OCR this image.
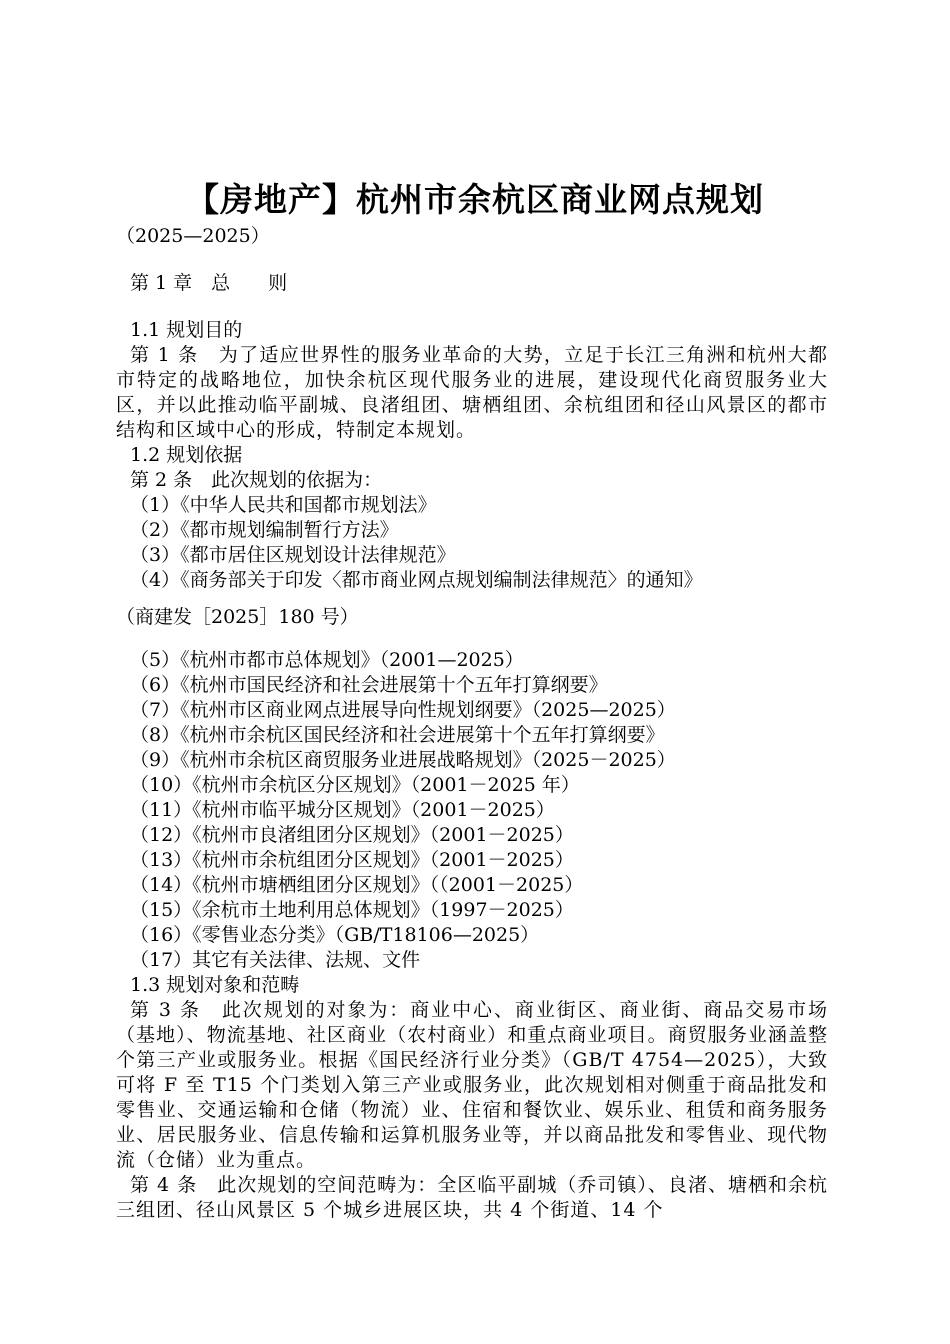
【房地产】杭州市余杭区商业网点规划
（2025—2025）
第 1 章　总　　则
1.1 规划目的
第 1 条　为了适应世界性的服务业革命的大势，立足于长江三角洲和杭州大都市特定的战略地位，加快余杭区现代服务业的进展，建设现代化商贸服务业大区，并以此推动临平副城、良渚组团、塘栖组团、余杭组团和径山风景区的都市结构和区域中心的形成，特制定本规划。
1.2 规划依据
第 2 条　此次规划的依据为：
（1）《中华人民共和国都市规划法》
（2）《都市规划编制暂行方法》
（3）《都市居住区规划设计法律规范》
（4）《商务部关于印发〈都市商业网点规划编制法律规范〉的通知》
（商建发［2025］180 号）
（5）《杭州市都市总体规划》（2001—2025）
（6）《杭州市国民经济和社会进展第十个五年打算纲要》
（7）《杭州市区商业网点进展导向性规划纲要》（2025—2025）
（8）《杭州市余杭区国民经济和社会进展第十个五年打算纲要》
（9）《杭州市余杭区商贸服务业进展战略规划》（2025－2025）
（10）《杭州市余杭区分区规划》（2001－2025 年）
（11）《杭州市临平城分区规划》（2001－2025）
（12）《杭州市良渚组团分区规划》（2001－2025）
（13）《杭州市余杭组团分区规划》（2001－2025）
（14）《杭州市塘栖组团分区规划》（（2001－2025）
（15）《余杭市土地利用总体规划》（1997－2025）
（16）《零售业态分类》（GB/T18106—2025）
（17）其它有关法律、法规、文件
1.3 规划对象和范畴
第 3 条　此次规划的对象为：商业中心、商业街区、商业街、商品交易市场（基地）、物流基地、社区商业（农村商业）和重点商业项目。商贸服务业涵盖整个第三产业或服务业。根据《国民经济行业分类》（GB/T 4754—2025），大致可将 F 至 T15 个门类划入第三产业或服务业，此次规划相对侧重于商品批发和零售业、交通运输和仓储（物流）业、住宿和餐饮业、娱乐业、租赁和商务服务业、居民服务业、信息传输和运算机服务业等，并以商品批发和零售业、现代物流（仓储）业为重点。
第 4 条　此次规划的空间范畴为：全区临平副城（乔司镇）、良渚、塘栖和余杭三组团、径山风景区 5 个城乡进展区块，共 4 个街道、14 个
